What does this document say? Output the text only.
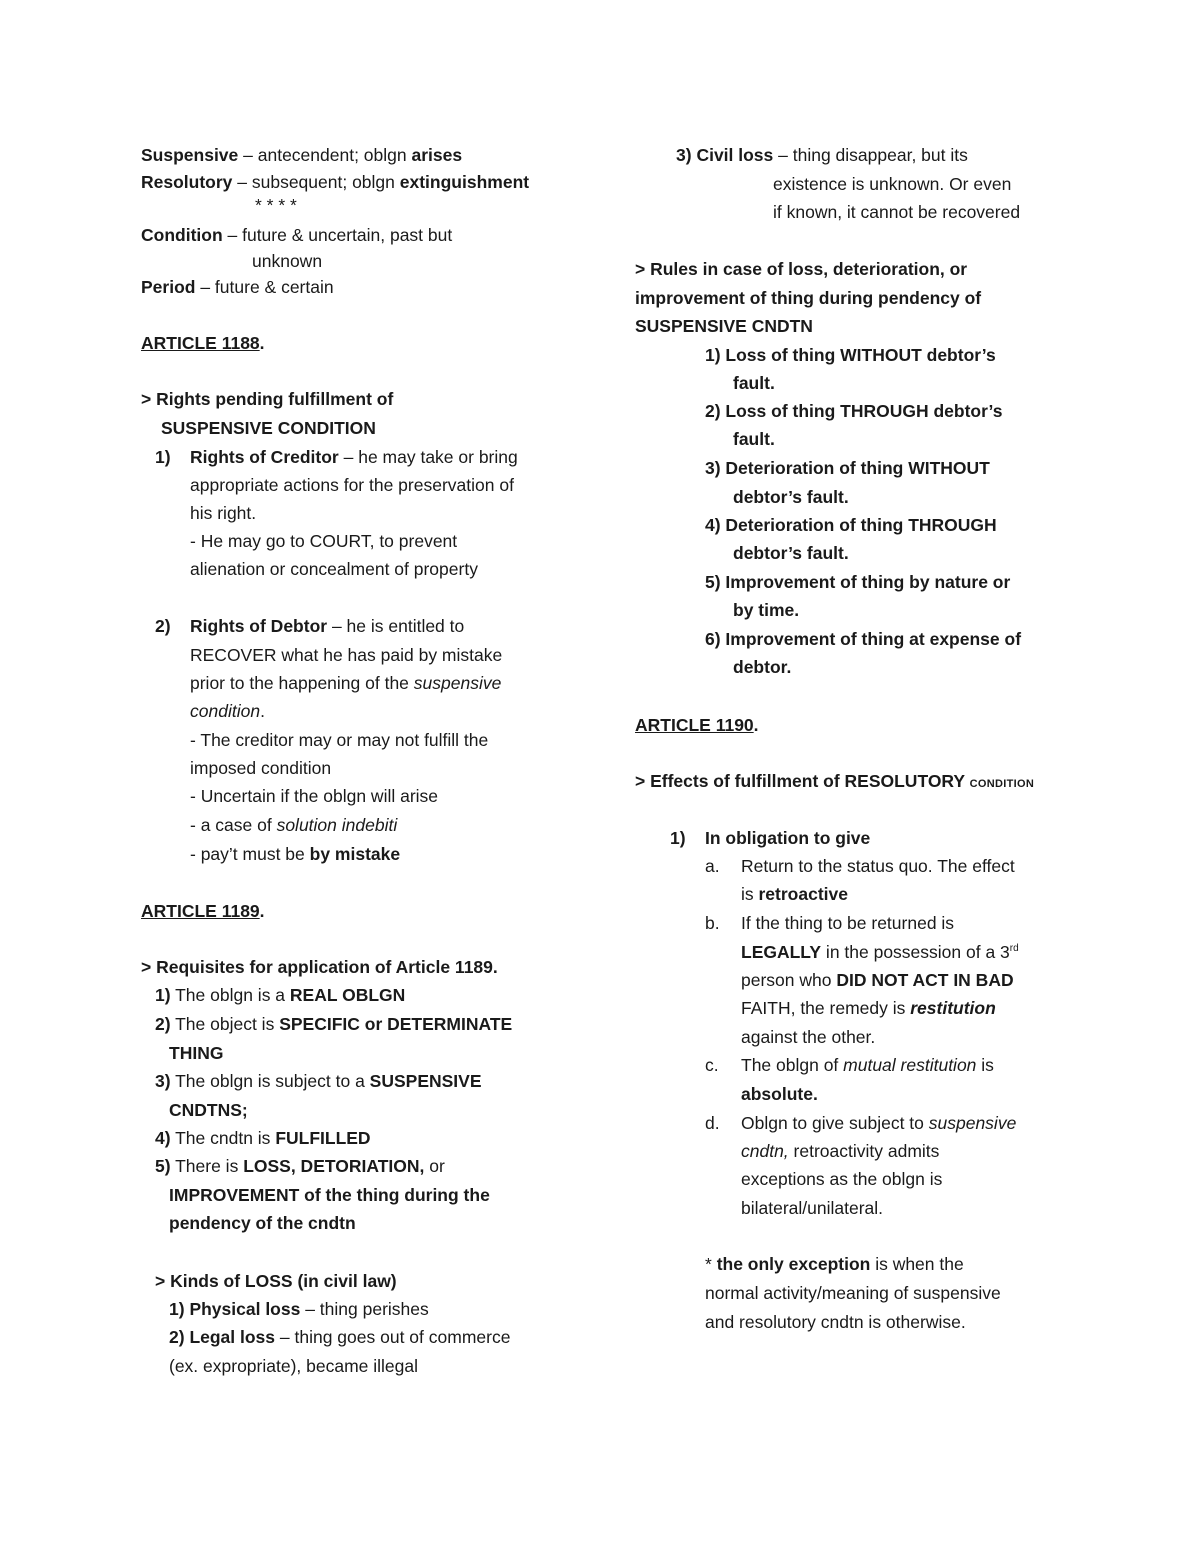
Suspensive – antecendent; oblgn arises
Resolutory – subsequent; oblgn extinguishment
* * * *
Condition – future & uncertain, past but
unknown
Period – future & certain
ARTICLE 1188.
> Rights pending fulfillment of
SUSPENSIVE CONDITION
1) Rights of Creditor – he may take or bring
appropriate actions for the preservation of
his right.
- He may go to COURT, to prevent
alienation or concealment of property
2) Rights of Debtor – he is entitled to
RECOVER what he has paid by mistake
prior to the happening of the suspensive
condition.
- The creditor may or may not fulfill the
imposed condition
- Uncertain if the oblgn will arise
- a case of solution indebiti
- pay’t must be by mistake
ARTICLE 1189.
> Requisites for application of Article 1189.
1) The oblgn is a REAL OBLGN
2) The object is SPECIFIC or DETERMINATE
THING
3) The oblgn is subject to a SUSPENSIVE
CNDTNS;
4) The cndtn is FULFILLED
5) There is LOSS, DETORIATION, or
IMPROVEMENT of the thing during the
pendency of the cndtn
> Kinds of LOSS (in civil law)
1) Physical loss – thing perishes
2) Legal loss – thing goes out of commerce
(ex. expropriate), became illegal
3) Civil loss – thing disappear, but its
existence is unknown. Or even
if known, it cannot be recovered
> Rules in case of loss, deterioration, or
improvement of thing during pendency of
SUSPENSIVE CNDTN
1) Loss of thing WITHOUT debtor’s
fault.
2) Loss of thing THROUGH debtor’s
fault.
3) Deterioration of thing WITHOUT
debtor’s fault.
4) Deterioration of thing THROUGH
debtor’s fault.
5) Improvement of thing by nature or
by time.
6) Improvement of thing at expense of
debtor.
ARTICLE 1190.
> Effects of fulfillment of RESOLUTORY CONDITION
1) In obligation to give
a. Return to the status quo. The effect
is retroactive
b. If the thing to be returned is
LEGALLY in the possession of a 3rd
person who DID NOT ACT IN BAD
FAITH, the remedy is restitution
against the other.
c. The oblgn of mutual restitution is
absolute.
d. Oblgn to give subject to suspensive
cndtn, retroactivity admits
exceptions as the oblgn is
bilateral/unilateral.
* the only exception is when the
normal activity/meaning of suspensive
and resolutory cndtn is otherwise.
